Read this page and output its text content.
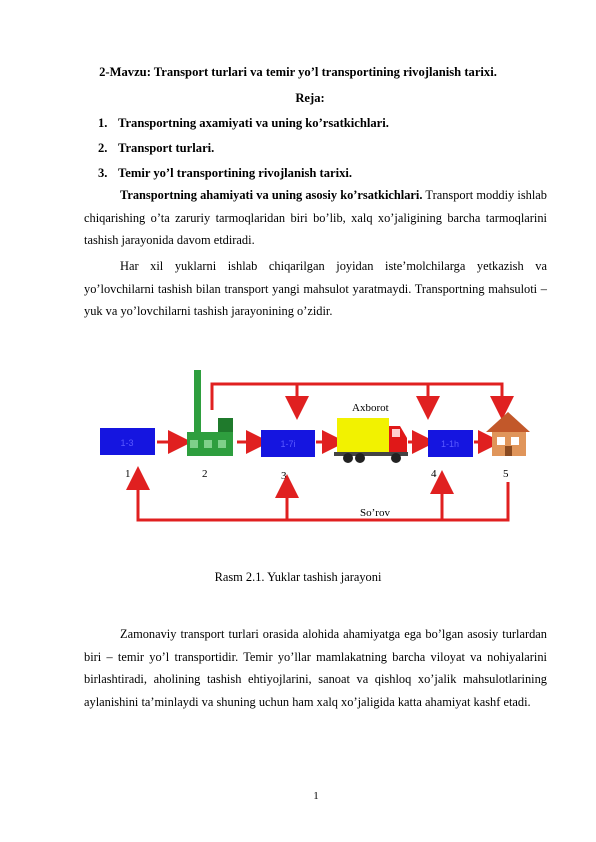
2-Mavzu: Transport turlari va temir yo’l transportining rivojlanish tarixi.
Reja:
1. Transportning axamiyati va uning ko’rsatkichlari.
2. Transport turlari.
3. Temir yo’l transportining rivojlanish tarixi.

Transportning ahamiyati va uning asosiy ko’rsatkichlari. Transport moddiy ishlab chiqarishing o’ta zaruriy tarmoqlaridan biri bo’lib, xalq xo’jaligining barcha tarmoqlarini tashish jarayonida davom etdiradi.

Har xil yuklarni ishlab chiqarilgan joyidan iste’molchilarga yetkazish va yo’lovchilarni tashish bilan transport yangi mahsulot yaratmaydi. Transportning mahsuloti –yuk va yo’lovchilarni tashish jarayonining o’zidir.

Axborot
1-3	1-7i	1-1h
1	2	3	4	5
So’rov
Rasm 2.1. Yuklar tashish jarayoni

Zamonaviy transport turlari orasida alohida ahamiyatga ega bo’lgan asosiy turlardan biri – temir yo’l transportidir. Temir yo’llar mamlakatning barcha viloyat va nohiyalarini birlashtiradi, aholining tashish ehtiyojlarini, sanoat va qishloq xo’jalik mahsulotlarining aylanishini ta’minlaydi va shuning uchun ham xalq xo’jaligida katta ahamiyat kashf etadi.

1
